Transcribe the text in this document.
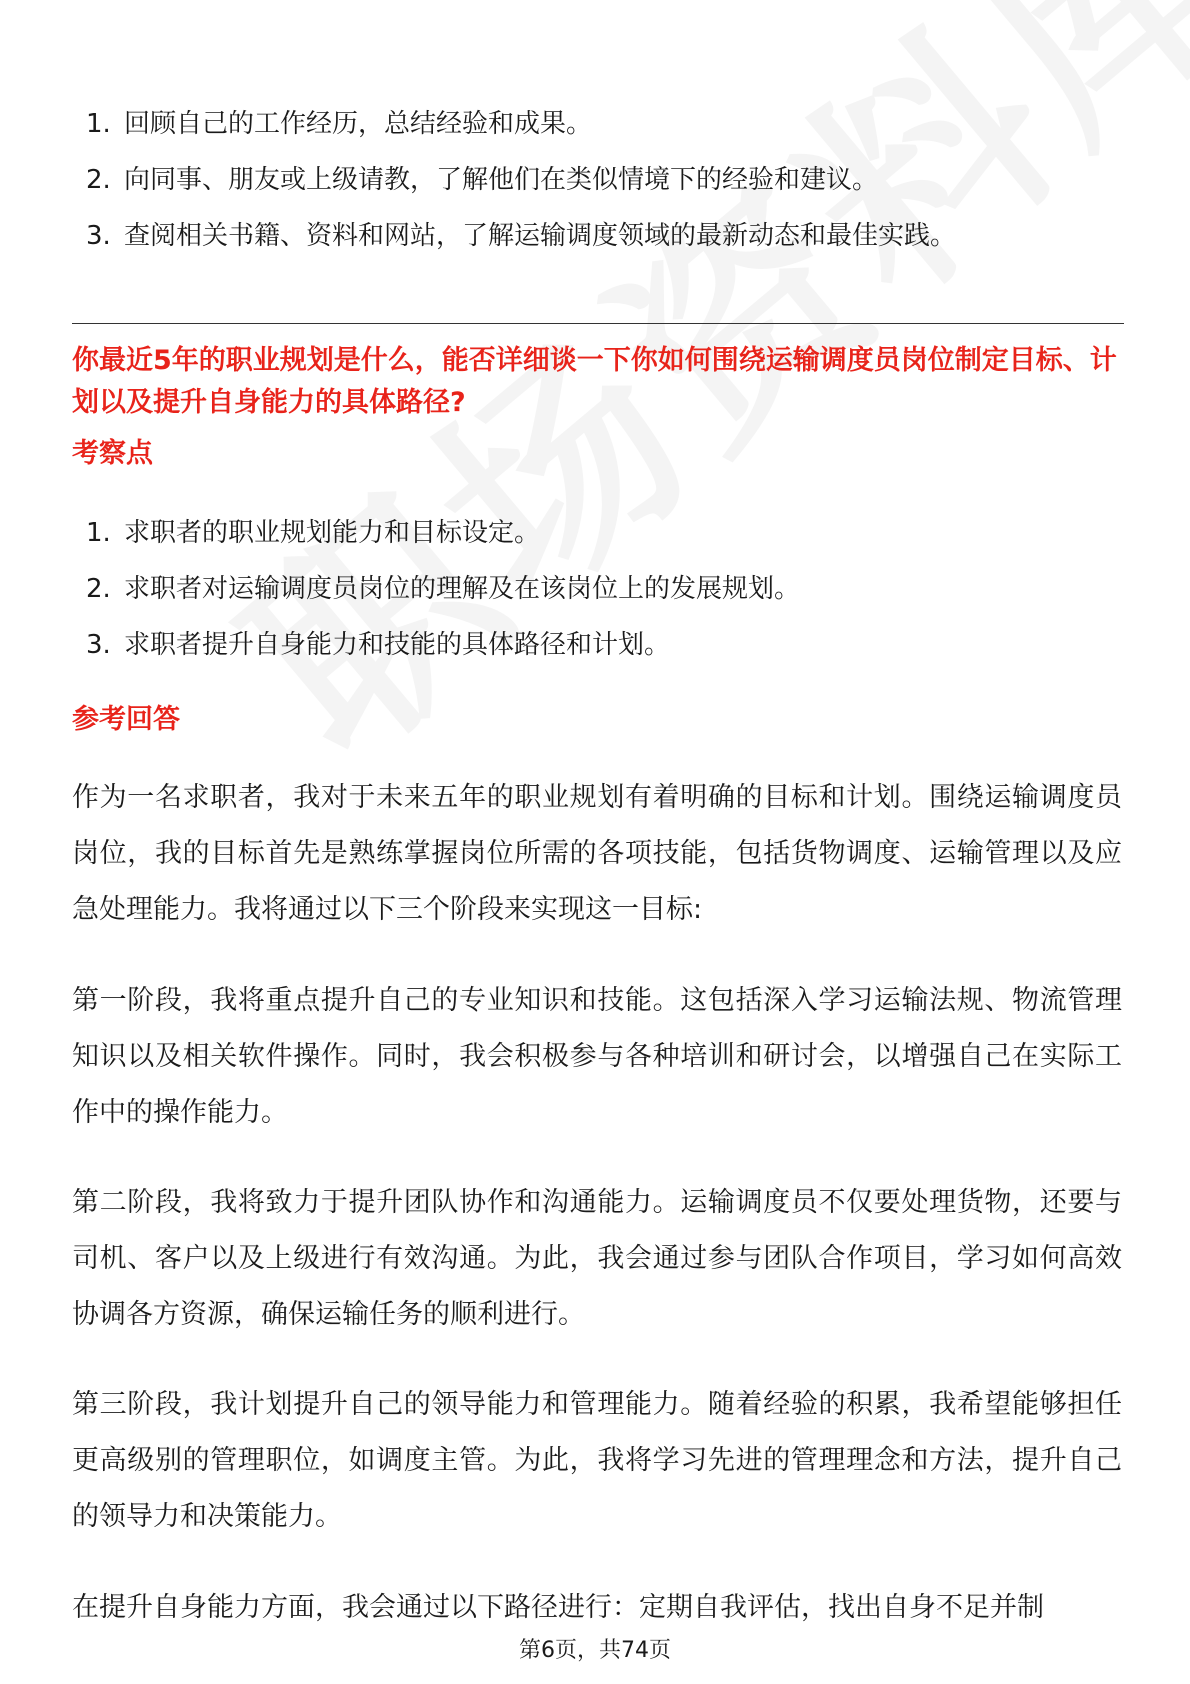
1. 回顾自己的工作经历，总结经验和成果。
2. 向同事、朋友或上级请教，了解他们在类似情境下的经验和建议。
3. 查阅相关书籍、资料和网站，了解运输调度领域的最新动态和最佳实践。
你最近5年的职业规划是什么，能否详细谈一下你如何围绕运输调度员岗位制定目标、计划以及提升自身能力的具体路径?
考察点
1. 求职者的职业规划能力和目标设定。
2. 求职者对运输调度员岗位的理解及在该岗位上的发展规划。
3. 求职者提升自身能力和技能的具体路径和计划。
参考回答

作为一名求职者，我对于未来五年的职业规划有着明确的目标和计划。围绕运输调度员岗位，我的目标首先是熟练掌握岗位所需的各项技能，包括货物调度、运输管理以及应急处理能力。我将通过以下三个阶段来实现这一目标:

第一阶段，我将重点提升自己的专业知识和技能。这包括深入学习运输法规、物流管理知识以及相关软件操作。同时，我会积极参与各种培训和研讨会，以增强自己在实际工作中的操作能力。

第二阶段，我将致力于提升团队协作和沟通能力。运输调度员不仅要处理货物，还要与司机、客户以及上级进行有效沟通。为此，我会通过参与团队合作项目，学习如何高效协调各方资源，确保运输任务的顺利进行。

第三阶段，我计划提升自己的领导能力和管理能力。随着经验的积累，我希望能够担任更高级别的管理职位，如调度主管。为此，我将学习先进的管理理念和方法，提升自己的领导力和决策能力。

在提升自身能力方面，我会通过以下路径进行：定期自我评估，找出自身不足并制

第6页，共74页
